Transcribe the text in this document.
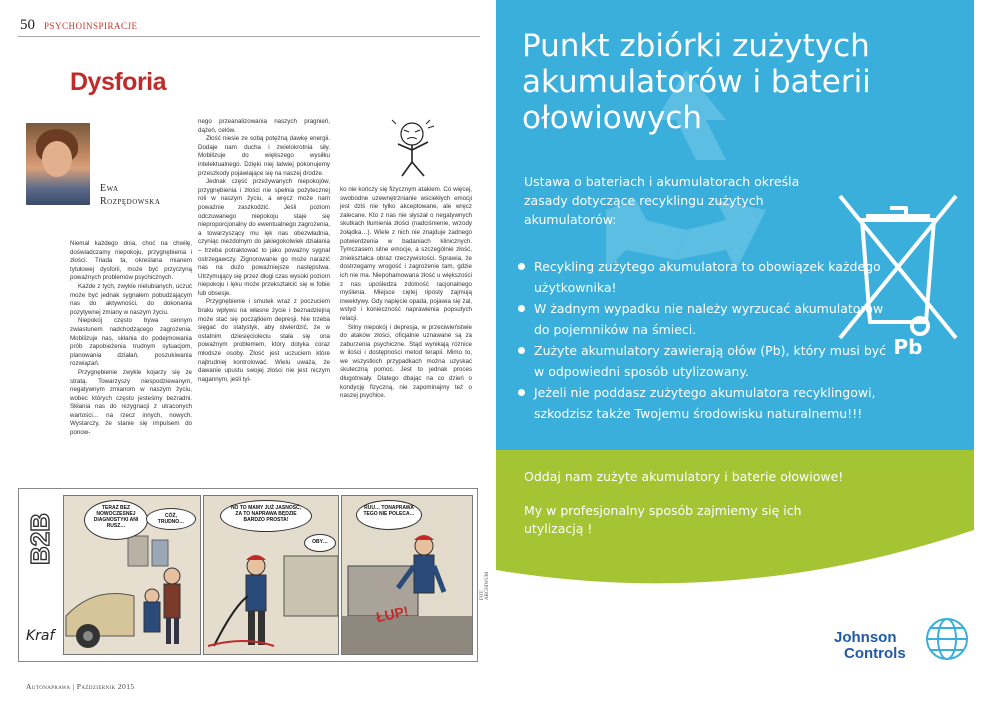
50 PSYCHOINSPIRACJE
Dysforia
Ewa
Rozpędowska

Niemal każdego dnia, choć na chwilę, doświadczamy niepokoju, przygnębienia i złości. Triada ta, określana mianem tytułowej dysforii, może być przyczyną poważnych problemów psychicznych.

Każde z tych, zwykle nielubianych, uczuć może być jednak sygnałem pobudzającym nas do aktywności, do dokonania pozytywnej zmiany w naszym życiu.

Niepokój często bywa cennym zwiastunem nadchodzącego zagrożenia. Mobilizuje nas, skłania do podejmowania prób zapobieżenia trudnym sytuacjom, planowania działań, poszukiwania rozwiązań.

Przygnębienie zwykle kojarzy się ze stratą. Towarzyszy niespodziewanym, negatywnym zmianom w naszym życiu, wobec których często jesteśmy bezradni. Skłania nas do rezygnacji z utraconych wartości… na rzecz innych, nowych. Wystarczy, że stanie się impulsem do ponow-

nego przeanalizowania naszych pragnień, dążeń, celów.

Złość niesie ze sobą potężną dawkę energii. Dodaje nam ducha i zwielokrotnia siły. Mobilizuje do większego wysiłku intelektualnego. Dzięki niej łatwiej pokonujemy przeszkody pojawiające się na naszej drodze.

Jednak część przeżywanych niepokojów, przygnębienia i złości nie spełnia pożytecznej roli w naszym życiu, a wręcz może nam poważnie zaszkodzić. Jeśli poziom odczuwanego niepokoju staje się nieproporcjonalny do ewentualnego zagrożenia, a towarzyszący mu lęk nas obezwładnia, czyniąc niezdolnym do jakiegokolwiek działania – trzeba potraktować to jako poważny sygnał ostrzegawczy. Zignorowanie go może narazić nas na dużo poważniejsze następstwa. Utrzymujący się przez długi czas wysoki poziom niepokoju i lęku może przekształcić się w fobie lub obsesje.

Przygnębienie i smutek wraz z poczuciem braku wpływu na własne życie i beznadziejną może stać się początkiem depresji. Nie trzeba sięgać do statystyk, aby stwierdzić, że w ostatnim dziesięcioleciu stała się ona poważnym problemem, który dotyka coraz młodsze osoby. Złość jest uczuciem które najtrudniej kontrolować. Wielu uważa, że dawanie upustu swojej złości nie jest niczym nagannym, jeśli tyl-

ko nie kończy się fizycznym atakiem. Co więcej, swobodne uzewnętrznianie wściekłych emocji jest dziś nie tylko akceptowane, ale wręcz zalecane. Kto z nas nie słyszał o negatywnych skutkach tłumienia złości (nadciśnienie, wrzody żołądka…). Wiele z nich nie znajduje żadnego potwierdzenia w badaniach klinicznych. Tymczasem silne emocje, a szczególnie złość, zniekształca obraz rzeczywistości. Sprawia, że dostrzegamy wrogość i zagrożenie tam, gdzie ich nie ma. Niepohamowana złość u większości z nas upośledza zdolność racjonalnego myślenia. Miejsce ciętej riposty zajmują inwektywy. Gdy napięcie opada, pojawia się żal, wstyd i konieczność naprawienia popsutych relacji.

Silny niepokój i depresja, w przeciwieństwie do ataków złości, oficjalnie uznawane są za zaburzenia psychiczne. Stąd wynikają różnice w ilości i dostępności metod terapii. Mimo to, we wszystkich przypadkach można uzyskać skuteczną pomoc. Jest to jednak proces długotrwały. Dlatego dbając na co dzień o kondycję fizyczną, nie zapominajmy też o naszej psychice.

B2B
TERAZ BEZ NOWOCZESNEJ DIAGNOSTYKI ANI RUSZ…
CÓŻ, TRUDNO…
NO TO MAMY JUŻ JASNOŚĆ, ZA TO NAPRAWA BĘDZIE BARDZO PROSTA!
OBY…
RUU… TONAPRAWA TEGO NIE POLECA…
ŁUP!
Kraf
FOT. ARCHIWUM
Autonaprawa | Październik 2015
Punkt zbiórki zużytych akumulatorów i baterii ołowiowych
Ustawa o bateriach i akumulatorach określa zasady dotyczące recyklingu zużytych akumulatorów:
Recykling zużytego akumulatora to obowiązek każdego użytkownika!
W żadnym wypadku nie należy wyrzucać akumulatorów do pojemników na śmieci.
Zużyte akumulatory zawierają ołów (Pb), który musi być w odpowiedni sposób utylizowany.
Jeżeli nie poddasz zużytego akumulatora recyklingowi, szkodzisz także Twojemu środowisku naturalnemu!!!
Pb
Oddaj nam zużyte akumulatory i baterie ołowiowe!
My w profesjonalny sposób zajmiemy się ich utylizacją !
Johnson
Controls
